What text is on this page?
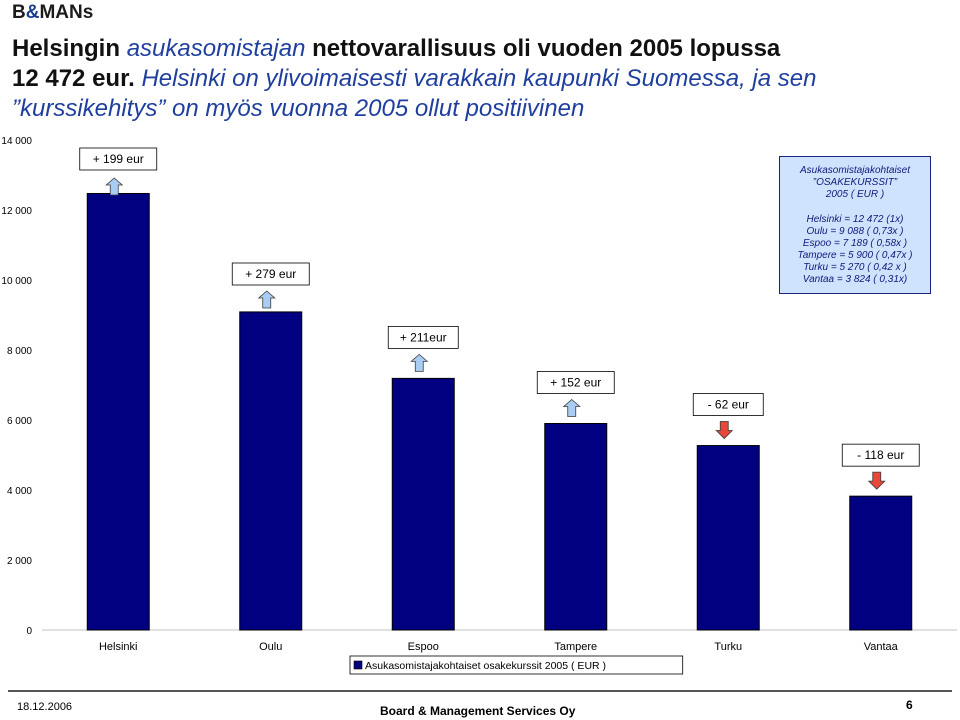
B&MANs
Helsingin asukasomistajan nettovarallisuus oli vuoden 2005 lopussa
12 472 eur. Helsinki on ylivoimaisesti varakkain kaupunki Suomessa, ja sen
”kurssikehitys” on myös vuonna 2005 ollut positiivinen
0
2 000
4 000
6 000
8 000
10 000
12 000
14 000
Helsinki
+ 199 eur
Oulu
+ 279 eur
Espoo
+ 211eur
Tampere
+ 152 eur
Turku
- 62 eur
Vantaa
- 118 eur
Asukasomistajakohtaiset osakekurssit 2005 ( EUR )
Asukasomistajakohtaiset
”OSAKEKURSSIT”
2005 ( EUR )
Helsinki = 12 472 (1x)
Oulu = 9 088 ( 0,73x )
Espoo = 7 189 ( 0,58x )
Tampere = 5 900 ( 0,47x )
Turku = 5 270 ( 0,42 x )
Vantaa = 3 824 ( 0,31x)
18.12.2006	Board & Management Services Oy	6
